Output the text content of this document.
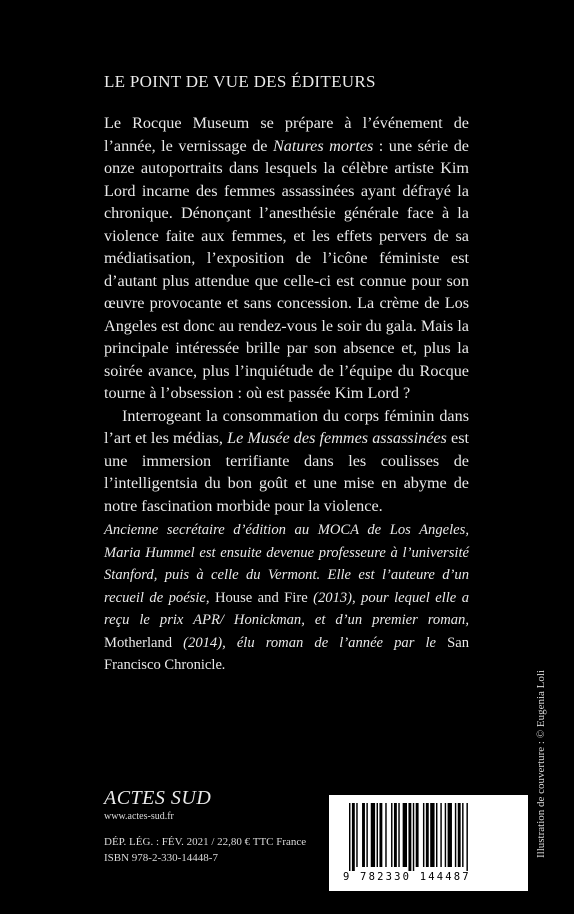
LE POINT DE VUE DES ÉDITEURS

Le Rocque Museum se prépare à l’événement de l’année, le vernissage de Natures mortes : une série de onze autoportraits dans lesquels la célèbre artiste Kim Lord incarne des femmes assassinées ayant défrayé la chronique. Dénonçant l’anesthésie générale face à la violence faite aux femmes, et les effets pervers de sa médiatisation, l’exposition de l’icône féministe est d’autant plus attendue que celle-ci est connue pour son œuvre provocante et sans concession. La crème de Los Angeles est donc au rendez-vous le soir du gala. Mais la principale intéressée brille par son absence et, plus la soirée avance, plus l’inquiétude de l’équipe du Rocque tourne à l’obsession : où est passée Kim Lord ?

Interrogeant la consommation du corps féminin dans l’art et les médias, Le Musée des femmes assassinées est une immersion terrifiante dans les coulisses de l’intelligentsia du bon goût et une mise en abyme de notre fascination morbide pour la violence.

Ancienne secrétaire d’édition au MOCA de Los Angeles, Maria Hummel est ensuite devenue professeure à l’université Stanford, puis à celle du Vermont. Elle est l’auteure d’un recueil de poésie, House and Fire (2013), pour lequel elle a reçu le prix APR/ Honickman, et d’un premier roman, Motherland (2014), élu roman de l’année par le San Francisco Chronicle.

Illustration de couverture : © Eugenia Loli
ACTES SUD
www.actes-sud.fr
DÉP. LÉG. : FÉV. 2021 / 22,80 € TTC France
ISBN 978-2-330-14448-7
9 782330 144487
